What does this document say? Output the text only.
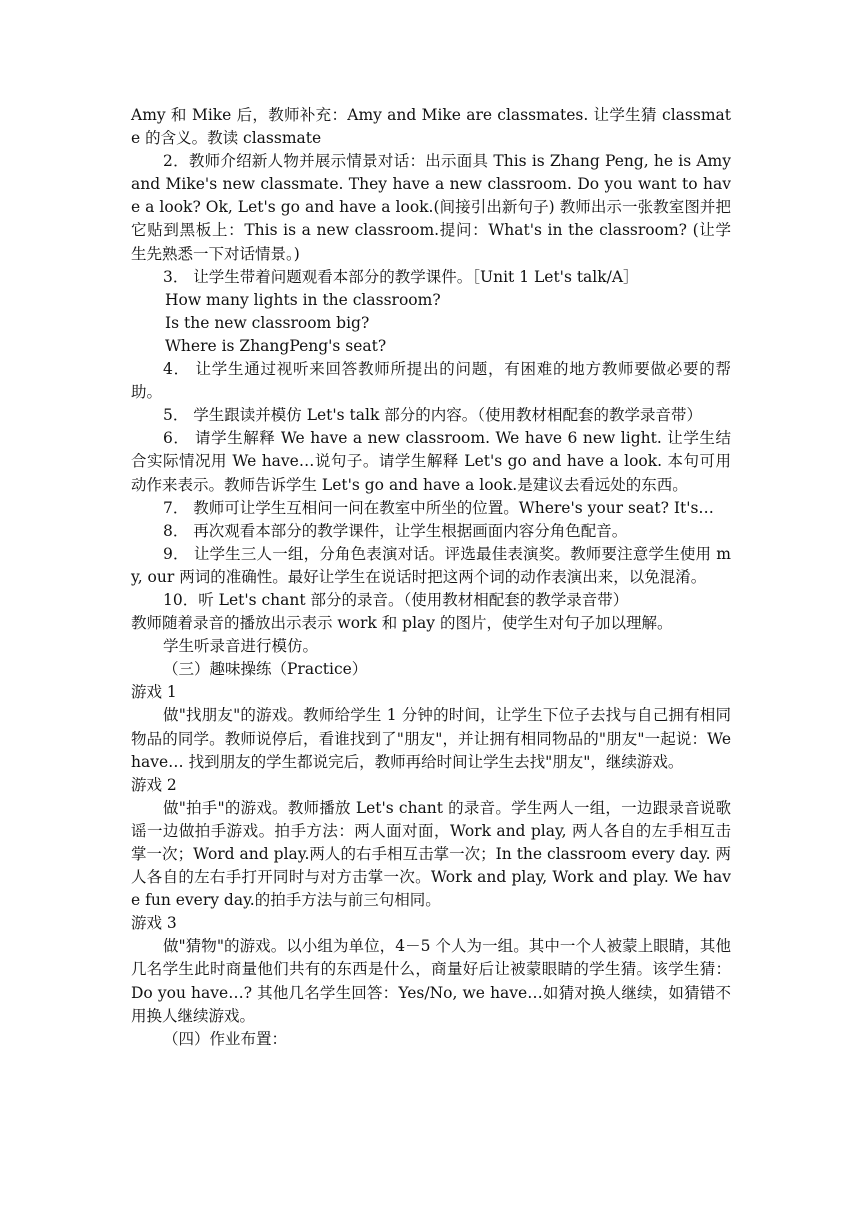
Amy 和 Mike 后，教师补充：Amy and Mike are classmates. 让学生猜 classmate 的含义。教读 classmate

2．教师介绍新人物并展示情景对话：出示面具 This is Zhang Peng, he is Amy and Mike's new classmate. They have a new classroom. Do you want to have a look? Ok, Let's go and have a look.(间接引出新句子) 教师出示一张教室图并把它贴到黑板上：This is a new classroom.提问：What's in the classroom? (让学生先熟悉一下对话情景。)

3． 让学生带着问题观看本部分的教学课件。［Unit 1 Let's talk/A］

How many lights in the classroom?

Is the new classroom big?

Where is ZhangPeng's seat?

4． 让学生通过视听来回答教师所提出的问题，有困难的地方教师要做必要的帮助。

5． 学生跟读并模仿 Let's talk 部分的内容。（使用教材相配套的教学录音带）

6． 请学生解释 We have a new classroom. We have 6 new light. 让学生结合实际情况用 We have…说句子。请学生解释 Let's go and have a look. 本句可用动作来表示。教师告诉学生 Let's go and have a look.是建议去看远处的东西。

7． 教师可让学生互相问一问在教室中所坐的位置。Where's your seat? It's…

8． 再次观看本部分的教学课件，让学生根据画面内容分角色配音。

9． 让学生三人一组，分角色表演对话。评选最佳表演奖。教师要注意学生使用 my, our 两词的准确性。最好让学生在说话时把这两个词的动作表演出来，以免混淆。

10．听 Let's chant 部分的录音。（使用教材相配套的教学录音带）

教师随着录音的播放出示表示 work 和 play 的图片，使学生对句子加以理解。

学生听录音进行模仿。

（三）趣味操练（Practice）

游戏 1

做"找朋友"的游戏。教师给学生 1 分钟的时间，让学生下位子去找与自己拥有相同物品的同学。教师说停后，看谁找到了"朋友"，并让拥有相同物品的"朋友"一起说：We have… 找到朋友的学生都说完后，教师再给时间让学生去找"朋友"，继续游戏。

游戏 2

做"拍手"的游戏。教师播放 Let's chant 的录音。学生两人一组，一边跟录音说歌谣一边做拍手游戏。拍手方法：两人面对面，Work and play, 两人各自的左手相互击掌一次；Word and play.两人的右手相互击掌一次；In the classroom every day. 两人各自的左右手打开同时与对方击掌一次。Work and play, Work and play. We have fun every day.的拍手方法与前三句相同。

游戏 3

做"猜物"的游戏。以小组为单位，4－5 个人为一组。其中一个人被蒙上眼睛，其他几名学生此时商量他们共有的东西是什么，商量好后让被蒙眼睛的学生猜。该学生猜：Do you have…? 其他几名学生回答：Yes/No, we have…如猜对换人继续，如猜错不用换人继续游戏。

（四）作业布置：
